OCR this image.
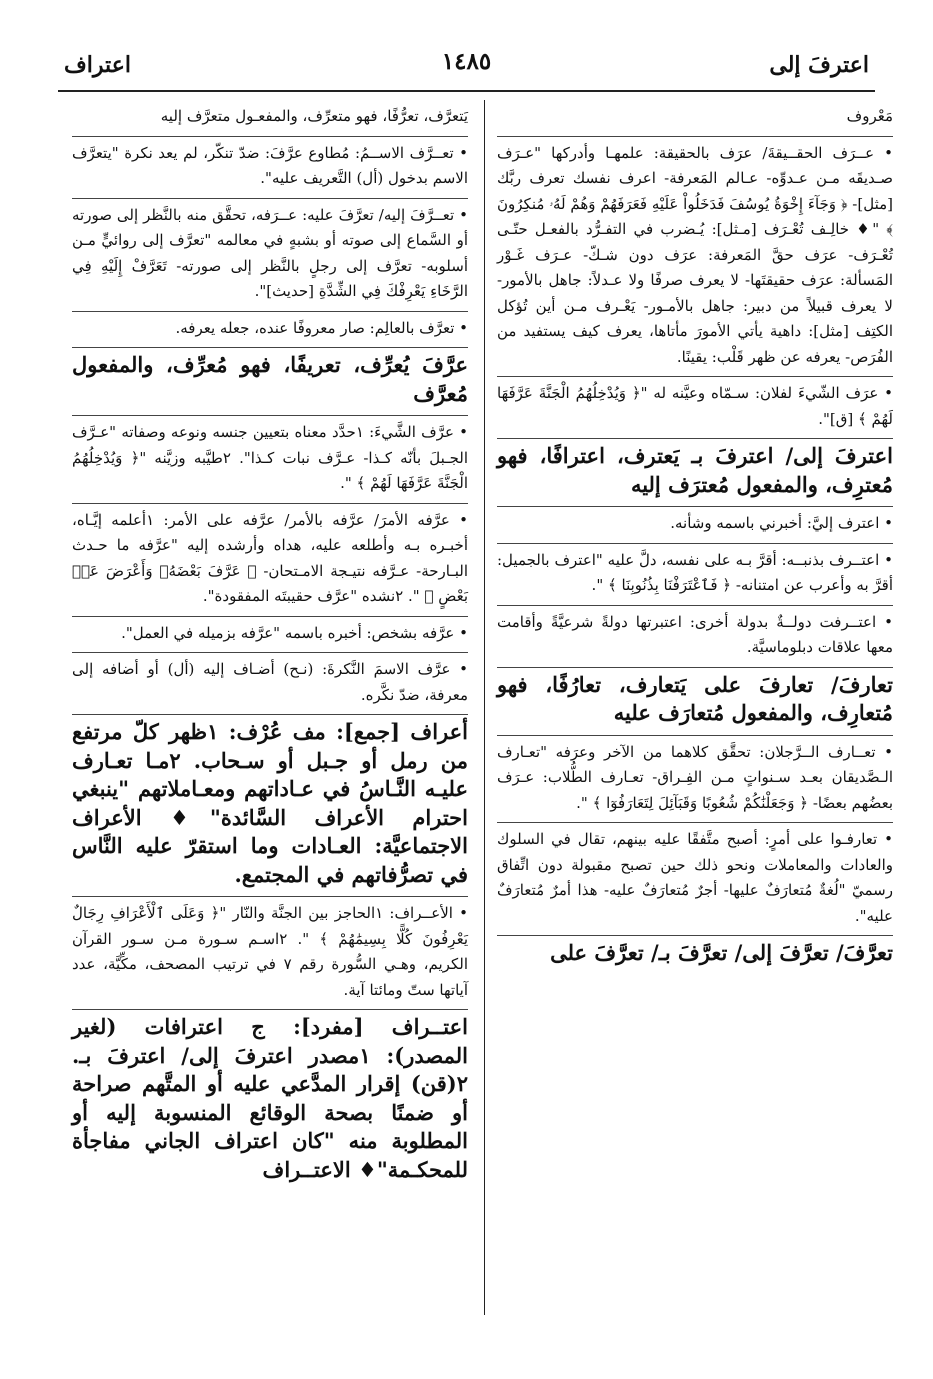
اعترفَ إلى
١٤٨٥
اعتراف
مَعْروف
• عــرَف الحقــيقةَ/ عرَف بالحقيقة: علمهـا وأدركها "عـرَف صـديقَه مـن عـدوِّه- عـالم المَعرفة- اعرف نفسك تعرف ربَّك [مثل]- ﴿ وَجَآءَ إِخْوَةُ يُوسُفَ فَدَخَلُواْ عَلَيْهِ فَعَرَفَهُمْ وَهُمْ لَهُۥ مُنكِرُونَ ﴾ "♦ خالِـف تُعْـرَف [مـثل]: يُـضرب في التفـرُّد بالفعـل حتّـى تُعْـرَف- عرَف حقَّ المَعرفة: عرَف دون شـكّ- عـرَف غَـوْر المَسألة: عرَف حقيقتَها- لا يعرف صرفًا ولا عـدلاً: جاهل بالأمور- لا يعرف قبيلاً من دبير: جاهل بالأمـور- يَعْـرف مـن أين تُؤكل الكتِف [مثل]: داهية يأتي الأمورَ مأتاها، يعرف كيف يستفيد من الفُرَص- يعرفه عن ظهر قَلْب: يقينًا.
• عرَف الشّيءَ لفلان: سـمّاه وعيَّنه له "﴿ وَيُدْخِلُهُمُ الْجَنَّةَ عَرَّفَهَا لَهُمْ ﴾ [ق]".
اعترفَ إلى/ اعترفَ بـ يَعترف، اعترافًا، فهو مُعترِف، والمفعول مُعترَف إليه
• اعترف إليَّ: أخبرني باسمه وشأنه.
• اعتــرف بذنبــه: أقرَّ بـه على نفسه، دلَّ عليه "اعترف بالجميل: أقرَّ به وأعرب عن امتنانه- ﴿ فَٱعْتَرَفْنَا بِذُنُوبِنَا ﴾ ".
• اعتــرفت دولــةٌ بدولة أخرى: اعتبرتها دولةً شرعيَّةً وأقامت معها علاقات دبلوماسيَّة.
تعارفَ/ تعارفَ على يَتعارف، تعارُفًا، فهو مُتعارِف، والمفعول مُتعارَف عليه
• تعــارف الــرَّجلان: تحقَّق كلاهما من الآخر وعرَفه "تعـارف الـصَّديقان بعـد سـنواتٍ مـن الفِـراق- تعـارف الطُّلاب: عـرَف بعضُهم بعضًا- ﴿ وَجَعَلْنَٰكُمْ شُعُوبًا وَقَبَآئِلَ لِتَعَارَفُوٓا ﴾ ".
• تعارفـوا على أمرٍ: أصبح متَّفقًا عليه بينهم، تقال في السلوك والعادات والمعاملات ونحو ذلك حين تصبح مقبولة دون اتِّفاق رسميّ "لُغةٌ مُتعارَفٌ عليها- أجرٌ مُتعارَفٌ عليه- هذا أمرٌ مُتعارَفٌ عليه".
تعرَّفَ/ تعرَّفَ إلى/ تعرَّفَ بـ/ تعرَّفَ على
يَتعرَّف، تعرُّفًا، فهو متعرِّف، والمفعـول متعرَّف إليه
• تعــرَّف الاســمُ: مُطاوع عرَّفَ: ضدّ تنكّر، لم يعد نكرة "يتعرَّف الاسم بدخول (أل) التَّعريف عليه".
• تعــرَّفَ إليه/ تعرَّفَ عليه: عــرَفه، تحقَّق منه بالنَّظر إلى صورته أو السَّماع إلى صوته أو بشبهٍ في معالمه "تعرَّف إلى روائيٍّ مـن أسلوبه- تعرَّف إلى رجلٍ بالنَّظر إلى صورته- تَعَرَّفْ إِلَيْهِ فِي الرَّخَاءِ يَعْرِفْكَ فِي الشِّدَّةِ [حديث]".
• تعرَّف بالعالِم: صار معروفًا عنده، جعله يعرفه.
عرَّفَ يُعرِّف، تعريفًا، فهو مُعرِّف، والمفعول مُعرَّف
• عرَّف الشَّيءَ: ١حدَّد معناه بتعيين جنسه ونوعه وصفاته "عـرَّف الجـبلَ بأنّه كـذا- عـرَّف نبات كـذا". ٢طيَّبه وزيَّنه "﴿ وَيُدْخِلُهُمُ الْجَنَّةَ عَرَّفَهَا لَهُمْ ﴾ ".
• عرَّفه الأمرَ/ عرَّفه بالأمر/ عرَّفه على الأمر: ١أعلمه إيَّـاه، أخبـره بـه وأطلعه عليه، هداه وأرشده إليه "عرَّفه ما حـدث البـارحة- عـرَّفه نتيـجة الامـتحان- ﴿ عَرَّفَ بَعْضَهُۥ وَأَعْرَضَ عَنۢ بَعْضٍ ﴾ ". ٢نشده "عرَّف حقيبتَه المفقودة".
• عرَّفه بشخص: أخبره باسمه "عرَّفه بزميله في العمل".
• عرَّف الاسمَ النَّكرةَ: (نـح) أضـاف إليه (أل) أو أضافه إلى معرفة، ضدّ نكَّره.
أعراف [جمع]: مف عُرْف: ١ظهر كلّ مرتفع من رمل أو جـبل أو سـحاب. ٢مـا تعـارف عليـه النَّـاسُ في عـاداتهم ومعـاملاتهم "ينبغي احترام الأعراف السَّائدة"♦ الأعراف الاجتماعيَّة: العـادات وما استقرّ عليه النَّاس في تصرُّفاتهم في المجتمع.
• الأعــراف: ١الحاجز بين الجنَّة والنّار "﴿ وَعَلَى ٱلْأَعْرَافِ رِجَالٌ يَعْرِفُونَ كُلًّا بِسِيمَٰهُمْ ﴾ ". ٢اسـم سـورة مـن سـور القرآن الكريم، وهـي السُّورة رقم ٧ في ترتيب المصحف، مكِّيَّة، عدد آياتها ستّ ومائتا آية.
اعتــراف [مفرد]: ج اعترافات (لغير المصدر): ١مصدر اعترفَ إلى/ اعترفَ بـ. ٢(قن) إقرار المدَّعي عليه أو المتَّهم صراحة أو ضمنًا بصحة الوقائع المنسوبة إليه أو المطلوبة منه "كان اعتراف الجاني مفاجأة للمحكـمة"♦ الاعتــراف
